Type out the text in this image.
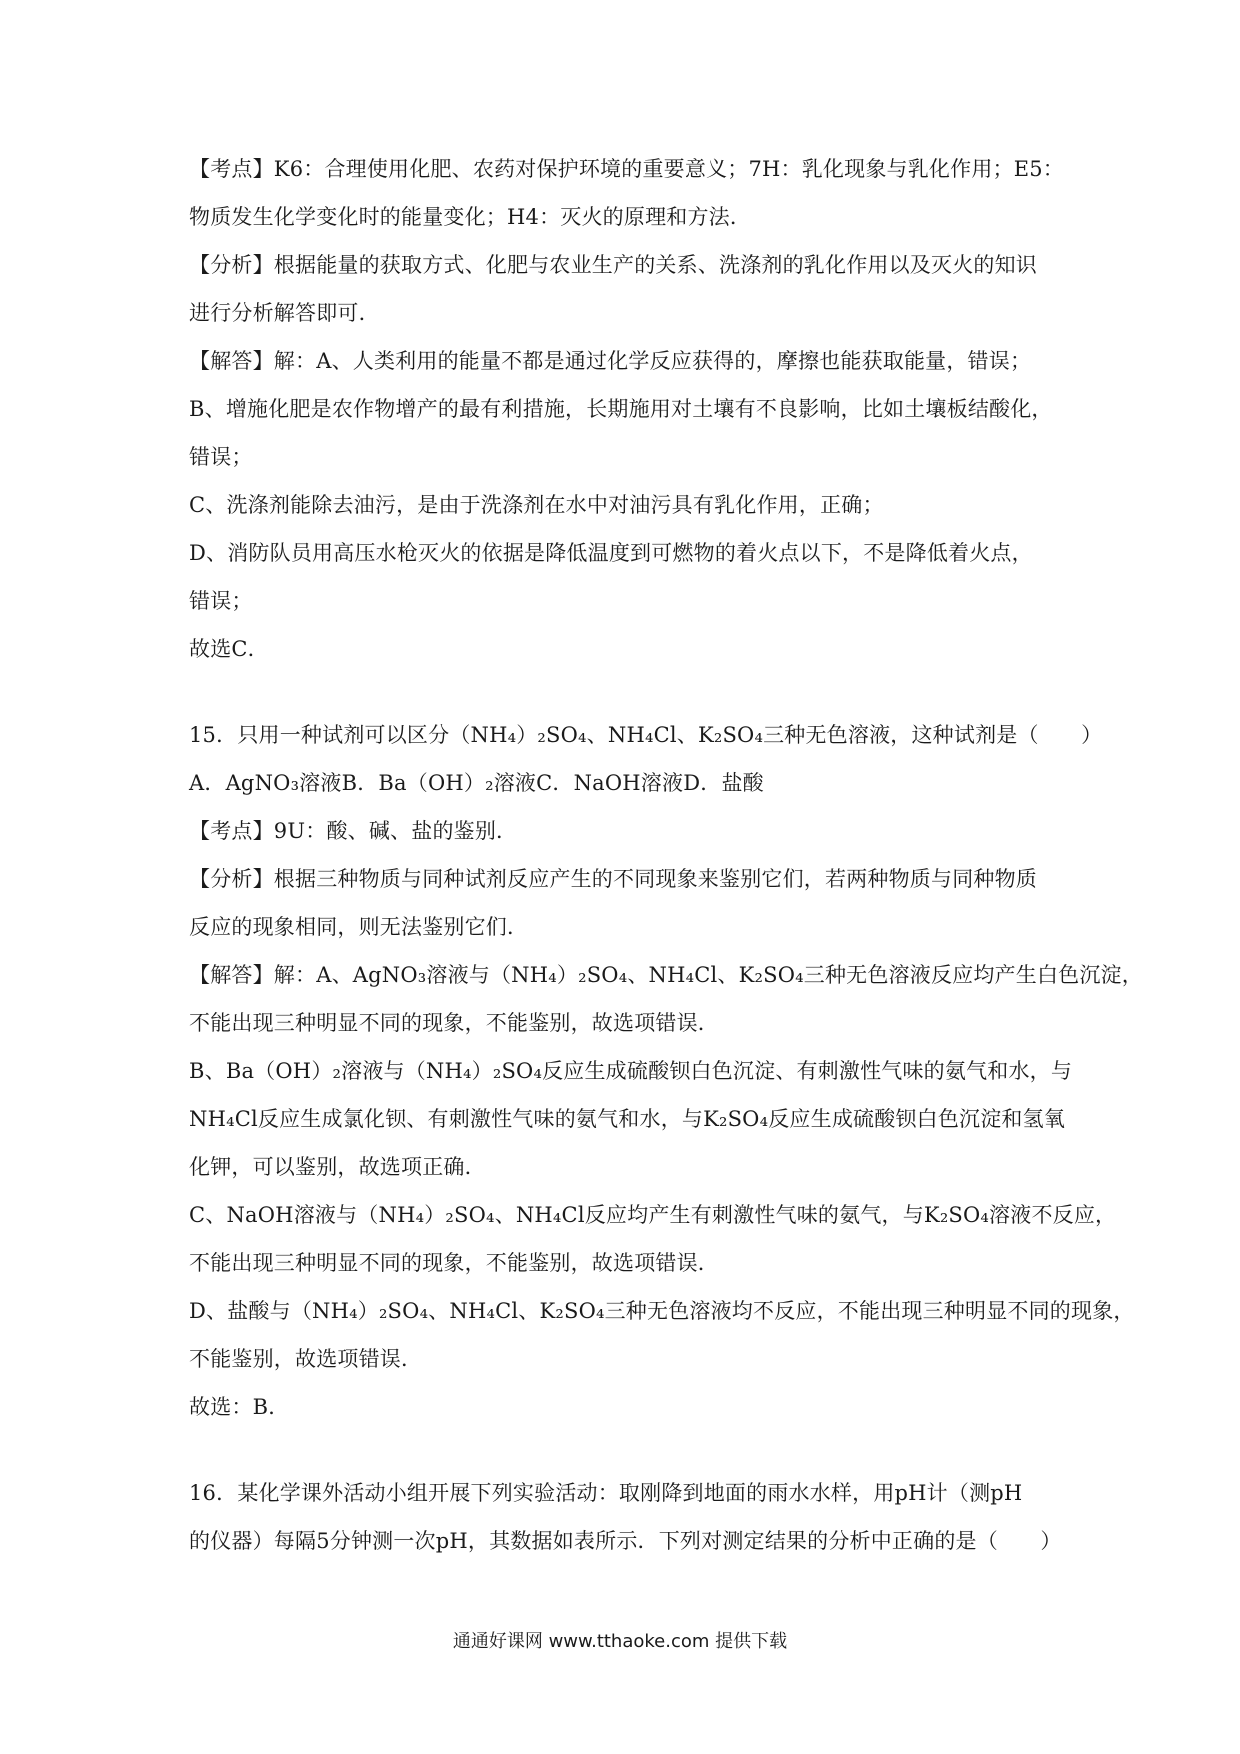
【考点】K6：合理使用化肥、农药对保护环境的重要意义；7H：乳化现象与乳化作用；E5：
物质发生化学变化时的能量变化；H4：灭火的原理和方法．
【分析】根据能量的获取方式、化肥与农业生产的关系、洗涤剂的乳化作用以及灭火的知识
进行分析解答即可．
【解答】解：A、人类利用的能量不都是通过化学反应获得的，摩擦也能获取能量，错误；
B、增施化肥是农作物增产的最有利措施，长期施用对土壤有不良影响，比如土壤板结酸化，
错误；
C、洗涤剂能除去油污，是由于洗涤剂在水中对油污具有乳化作用，正确；
D、消防队员用高压水枪灭火的依据是降低温度到可燃物的着火点以下，不是降低着火点，
错误；
故选C．
15．只用一种试剂可以区分（NH₄）₂SO₄、NH₄Cl、K₂SO₄三种无色溶液，这种试剂是（　　）
A．AgNO₃溶液B．Ba（OH）₂溶液C．NaOH溶液D．盐酸
【考点】9U：酸、碱、盐的鉴别．
【分析】根据三种物质与同种试剂反应产生的不同现象来鉴别它们，若两种物质与同种物质
反应的现象相同，则无法鉴别它们．
【解答】解：A、AgNO₃溶液与（NH₄）₂SO₄、NH₄Cl、K₂SO₄三种无色溶液反应均产生白色沉淀，
不能出现三种明显不同的现象，不能鉴别，故选项错误．
B、Ba（OH）₂溶液与（NH₄）₂SO₄反应生成硫酸钡白色沉淀、有刺激性气味的氨气和水，与
NH₄Cl反应生成氯化钡、有刺激性气味的氨气和水，与K₂SO₄反应生成硫酸钡白色沉淀和氢氧
化钾，可以鉴别，故选项正确．
C、NaOH溶液与（NH₄）₂SO₄、NH₄Cl反应均产生有刺激性气味的氨气，与K₂SO₄溶液不反应，
不能出现三种明显不同的现象，不能鉴别，故选项错误．
D、盐酸与（NH₄）₂SO₄、NH₄Cl、K₂SO₄三种无色溶液均不反应，不能出现三种明显不同的现象，
不能鉴别，故选项错误．
故选：B．
16．某化学课外活动小组开展下列实验活动：取刚降到地面的雨水水样，用pH计（测pH
的仪器）每隔5分钟测一次pH，其数据如表所示．下列对测定结果的分析中正确的是（　　）
通通好课网 www.tthaoke.com 提供下载
